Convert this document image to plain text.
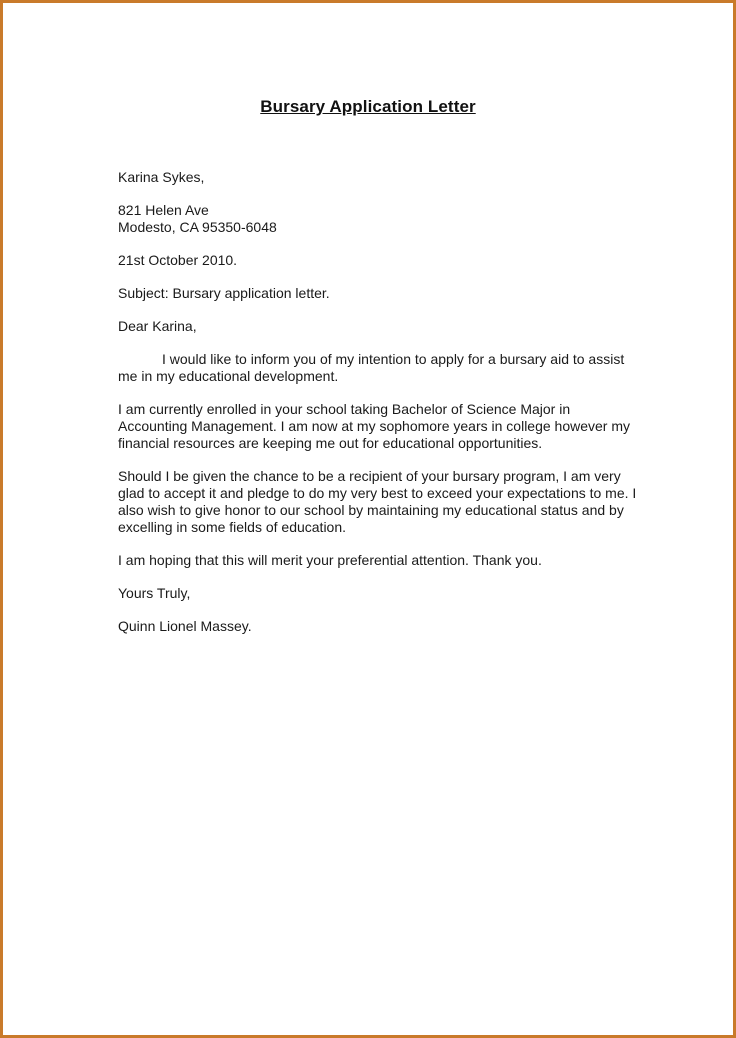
Bursary Application Letter

Karina Sykes,

821 Helen Ave
Modesto, CA 95350-6048

21st October 2010.

Subject: Bursary application letter.

Dear Karina,

I would like to inform you of my intention to apply for a bursary aid to assist me in my educational development.

I am currently enrolled in your school taking Bachelor of Science Major in Accounting Management. I am now at my sophomore years in college however my financial resources are keeping me out for educational opportunities.

Should I be given the chance to be a recipient of your bursary program, I am very glad to accept it and pledge to do my very best to exceed your expectations to me. I also wish to give honor to our school by maintaining my educational status and by excelling in some fields of education.

I am hoping that this will merit your preferential attention. Thank you.

Yours Truly,

Quinn Lionel Massey.
